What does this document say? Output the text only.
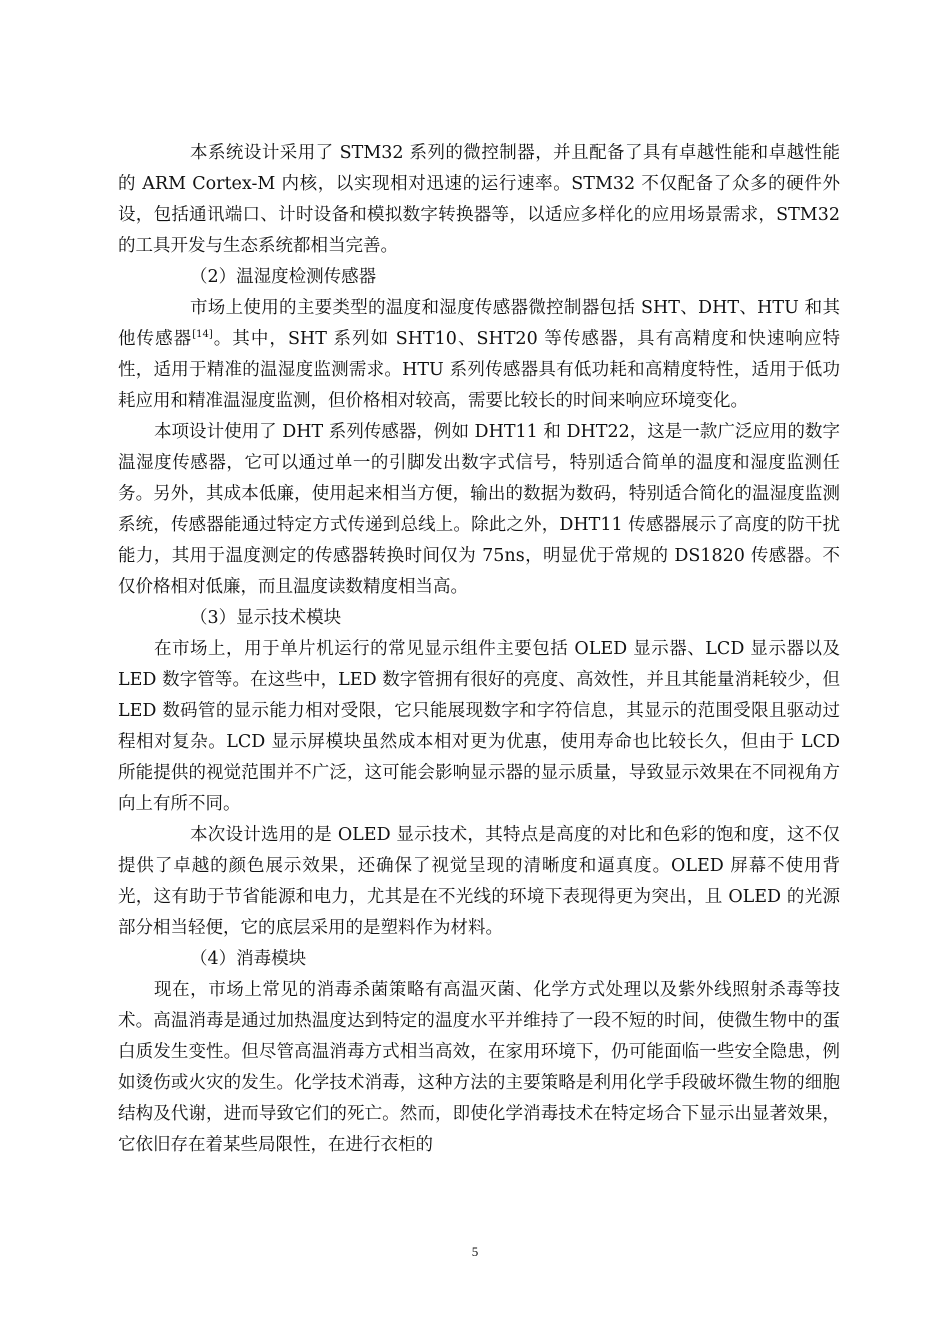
本系统设计采用了 STM32 系列的微控制器，并且配备了具有卓越性能和卓越性能的 ARM Cortex-M 内核，以实现相对迅速的运行速率。STM32 不仅配备了众多的硬件外设，包括通讯端口、计时设备和模拟数字转换器等，以适应多样化的应用场景需求，STM32 的工具开发与生态系统都相当完善。

（2）温湿度检测传感器

市场上使用的主要类型的温度和湿度传感器微控制器包括 SHT、DHT、HTU 和其他传感器[14]。其中，SHT 系列如 SHT10、SHT20 等传感器，具有高精度和快速响应特性，适用于精准的温湿度监测需求。HTU 系列传感器具有低功耗和高精度特性，适用于低功耗应用和精准温湿度监测，但价格相对较高，需要比较长的时间来响应环境变化。

本项设计使用了 DHT 系列传感器，例如 DHT11 和 DHT22，这是一款广泛应用的数字温湿度传感器，它可以通过单一的引脚发出数字式信号，特别适合简单的温度和湿度监测任务。另外，其成本低廉，使用起来相当方便，输出的数据为数码，特别适合简化的温湿度监测系统，传感器能通过特定方式传递到总线上。除此之外，DHT11 传感器展示了高度的防干扰能力，其用于温度测定的传感器转换时间仅为 75ns，明显优于常规的 DS1820 传感器。不仅价格相对低廉，而且温度读数精度相当高。

（3）显示技术模块

在市场上，用于单片机运行的常见显示组件主要包括 OLED 显示器、LCD 显示器以及 LED 数字管等。在这些中，LED 数字管拥有很好的亮度、高效性，并且其能量消耗较少，但 LED 数码管的显示能力相对受限，它只能展现数字和字符信息，其显示的范围受限且驱动过程相对复杂。LCD 显示屏模块虽然成本相对更为优惠，使用寿命也比较长久，但由于 LCD 所能提供的视觉范围并不广泛，这可能会影响显示器的显示质量，导致显示效果在不同视角方向上有所不同。

本次设计选用的是 OLED 显示技术，其特点是高度的对比和色彩的饱和度，这不仅提供了卓越的颜色展示效果，还确保了视觉呈现的清晰度和逼真度。OLED 屏幕不使用背光，这有助于节省能源和电力，尤其是在不光线的环境下表现得更为突出，且 OLED 的光源部分相当轻便，它的底层采用的是塑料作为材料。

（4）消毒模块

现在，市场上常见的消毒杀菌策略有高温灭菌、化学方式处理以及紫外线照射杀毒等技术。高温消毒是通过加热温度达到特定的温度水平并维持了一段不短的时间，使微生物中的蛋白质发生变性。但尽管高温消毒方式相当高效，在家用环境下，仍可能面临一些安全隐患，例如烫伤或火灾的发生。化学技术消毒，这种方法的主要策略是利用化学手段破坏微生物的细胞结构及代谢，进而导致它们的死亡。然而，即使化学消毒技术在特定场合下显示出显著效果，它依旧存在着某些局限性，在进行衣柜的

5
